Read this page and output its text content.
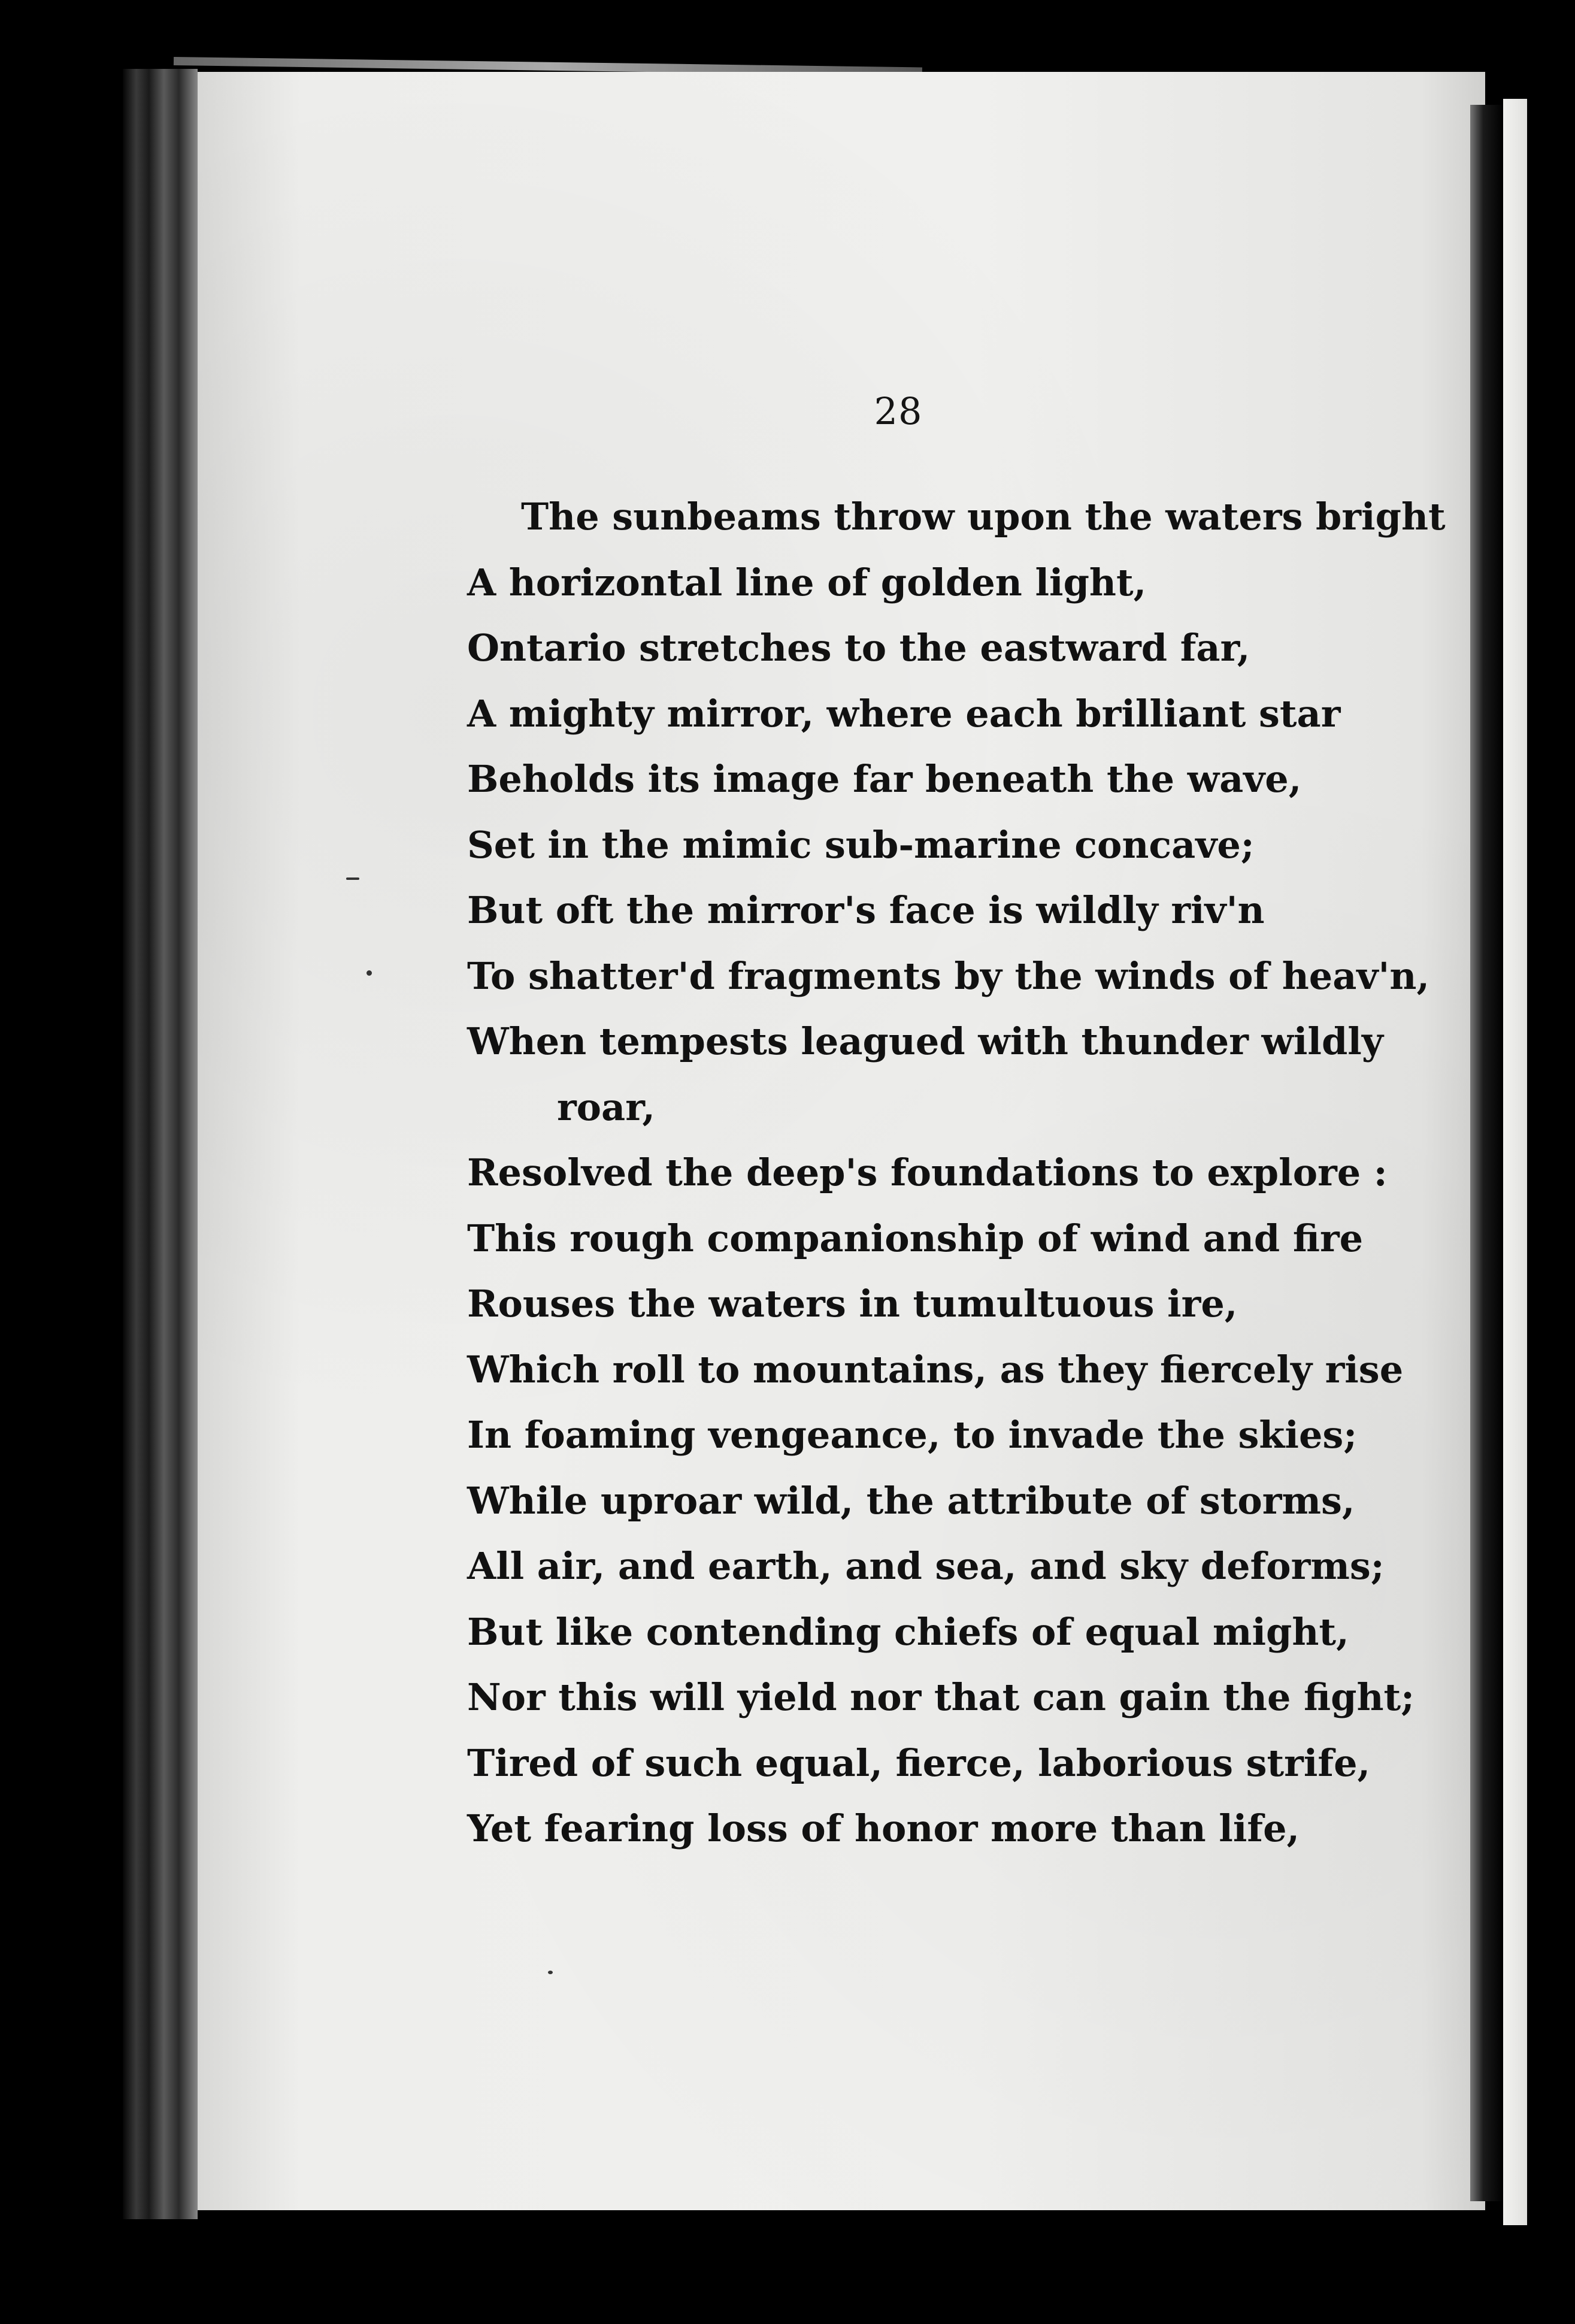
28
The sunbeams throw upon the waters bright
A horizontal line of golden light,
Ontario stretches to the eastward far,
A mighty mirror, where each brilliant star
Beholds its image far beneath the wave,
Set in the mimic sub-marine concave;
But oft the mirror's face is wildly riv'n
To shatter'd fragments by the winds of heav'n,
When tempests leagued with thunder wildly
roar,
Resolved the deep's foundations to explore :
This rough companionship of wind and fire
Rouses the waters in tumultuous ire,
Which roll to mountains, as they fiercely rise
In foaming vengeance, to invade the skies;
While uproar wild, the attribute of storms,
All air, and earth, and sea, and sky deforms;
But like contending chiefs of equal might,
Nor this will yield nor that can gain the fight;
Tired of such equal, fierce, laborious strife,
Yet fearing loss of honor more than life,
